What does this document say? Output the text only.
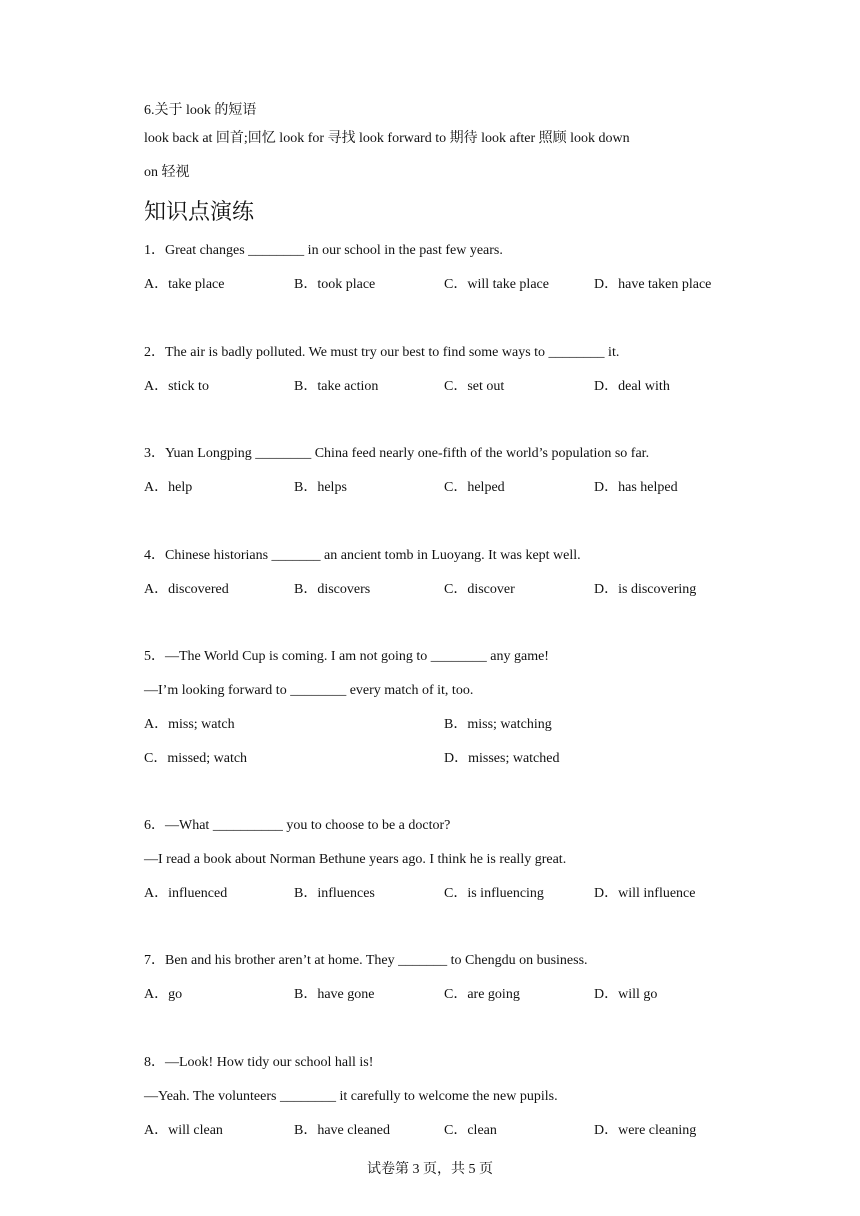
6.关于 look 的短语
look back at 回首;回忆 look for 寻找 look forward to 期待 look after 照顾 look down
on 轻视
知识点演练
1．Great changes ________ in our school in the past few years.
A．take place	B．took place	C．will take place	D．have taken place
2．The air is badly polluted. We must try our best to find some ways to ________ it.
A．stick to	B．take action	C．set out	D．deal with
3．Yuan Longping ________ China feed nearly one-fifth of the world’s population so far.
A．help	B．helps	C．helped	D．has helped
4．Chinese historians _______ an ancient tomb in Luoyang. It was kept well.
A．discovered	B．discovers	C．discover	D．is discovering
5．—The World Cup is coming. I am not going to ________ any game!
—I’m looking forward to ________ every match of it, too.
A．miss; watch	B．miss; watching
C．missed; watch	D．misses; watched
6．—What __________ you to choose to be a doctor?
—I read a book about Norman Bethune years ago. I think he is really great.
A．influenced	B．influences	C．is influencing	D．will influence
7．Ben and his brother aren’t at home. They _______ to Chengdu on business.
A．go	B．have gone	C．are going	D．will go
8．—Look! How tidy our school hall is!
—Yeah. The volunteers ________ it carefully to welcome the new pupils.
A．will clean	B．have cleaned	C．clean	D．were cleaning
试卷第 3 页，共 5 页
